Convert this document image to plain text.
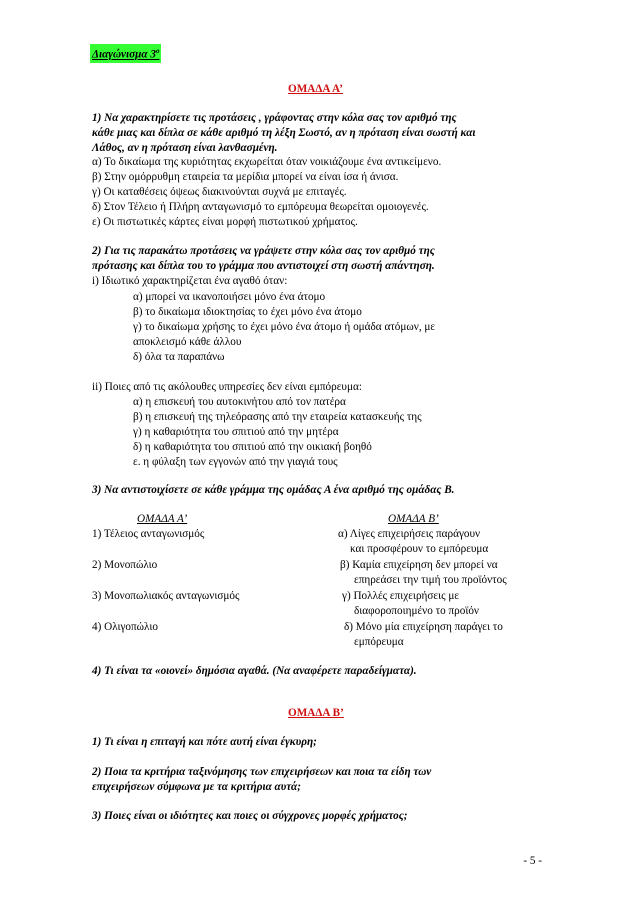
Διαγώνισμα $3^o$
ΟΜΑΔΑ Α’
1) Να χαρακτηρίσετε τις προτάσεις , γράφοντας στην κόλα σας τον αριθμό της
κάθε μιας και δίπλα σε κάθε αριθμό τη λέξη Σωστό, αν η πρόταση είναι σωστή και
Λάθος, αν η πρόταση είναι λανθασμένη.
α) Το δικαίωμα της κυριότητας εκχωρείται όταν νοικιάζουμε ένα αντικείμενο.
β) Στην ομόρρυθμη εταιρεία τα μερίδια μπορεί να είναι ίσα ή άνισα.
γ) Οι καταθέσεις όψεως διακινούνται συχνά με επιταγές.
δ) Στον Τέλειο ή Πλήρη ανταγωνισμό το εμπόρευμα θεωρείται ομοιογενές.
ε) Οι πιστωτικές κάρτες είναι μορφή πιστωτικού χρήματος.
2) Για τις παρακάτω προτάσεις να γράψετε στην κόλα σας τον αριθμό της
πρότασης και δίπλα του το γράμμα που αντιστοιχεί στη σωστή απάντηση.
i) Ιδιωτικό χαρακτηρίζεται ένα αγαθό όταν:
α) μπορεί να ικανοποιήσει μόνο ένα άτομο
β) το δικαίωμα ιδιοκτησίας το έχει μόνο ένα άτομο
γ) το δικαίωμα χρήσης το έχει μόνο ένα άτομο ή ομάδα ατόμων, με
αποκλεισμό κάθε άλλου
δ) όλα τα παραπάνω
ii) Ποιες από τις ακόλουθες υπηρεσίες δεν είναι εμπόρευμα:
α) η επισκευή του αυτοκινήτου από τον πατέρα
β) η επισκευή της τηλεόρασης από την εταιρεία κατασκευής της
γ) η καθαριότητα του σπιτιού από την μητέρα
δ) η καθαριότητα του σπιτιού από την οικιακή βοηθό
ε. η φύλαξη των εγγονών από την γιαγιά τους
3) Να αντιστοιχίσετε σε κάθε γράμμα της ομάδας Α ένα αριθμό της ομάδας Β.
ΟΜΑΔΑ Α’	ΟΜΑΔΑ Β’
1) Τέλειος ανταγωνισμός	α) Λίγες επιχειρήσεις παράγουν
και προσφέρουν το εμπόρευμα
2) Μονοπώλιο	β) Καμία επιχείρηση δεν μπορεί να
επηρεάσει την τιμή του προϊόντος
3) Μονοπωλιακός ανταγωνισμός	γ) Πολλές επιχειρήσεις με
διαφοροποιημένο το προϊόν
4) Ολιγοπώλιο	δ) Μόνο μία επιχείρηση παράγει το
εμπόρευμα
4) Τι είναι τα «οιονεί» δημόσια αγαθά. (Να αναφέρετε παραδείγματα).
ΟΜΑΔΑ Β’
1) Τι είναι η επιταγή και πότε αυτή είναι έγκυρη;
2) Ποια τα κριτήρια ταξινόμησης των επιχειρήσεων και ποια τα είδη των
επιχειρήσεων σύμφωνα με τα κριτήρια αυτά;
3) Ποιες είναι οι ιδιότητες και ποιες οι σύγχρονες μορφές χρήματος;
- 5 -
